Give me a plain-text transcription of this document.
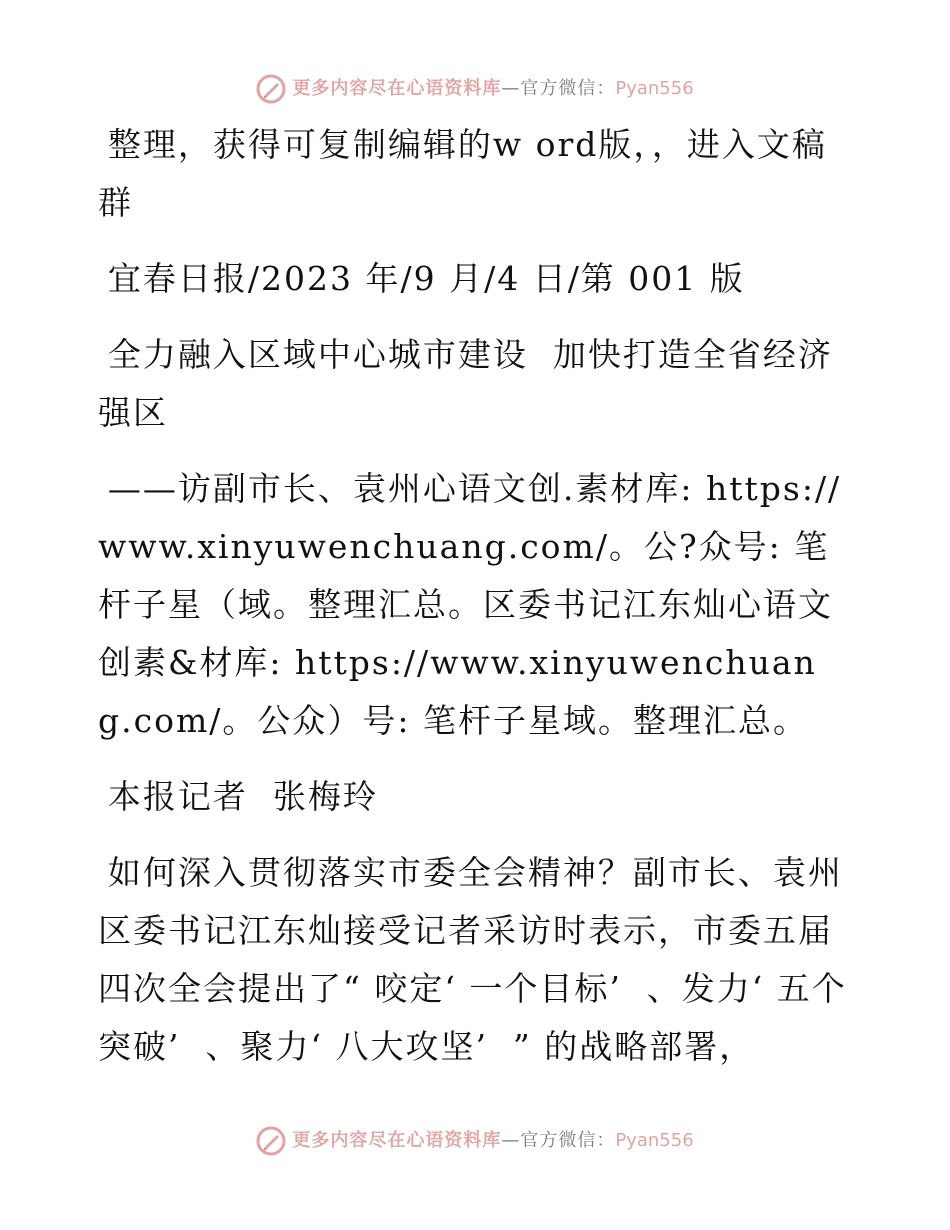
更多内容尽在心语资料库 —官方微信： Pyan556

整理，获得可复制编辑的w ord版，，进入文稿群

宜春日报/2023 年/9 月/4 日/第 001 版

全力融入区域中心城市建设  加快打造全省经济强区

——访副市长、袁州心语文创.素材库: https://www.xinyuwenchuang.com/。公?众号: 笔杆子星（域。整理汇总。区委书记江东灿心语文创素&材库: https://www.xinyuwenchuang.com/。公众）号: 笔杆子星域。整理汇总。

本报记者  张梅玲

如何深入贯彻落实市委全会精神？副市长、袁州区委书记江东灿接受记者采访时表示，市委五届四次全会提出了“ 咬定‘ 一个目标’  、发力‘ 五个突破’  、聚力‘ 八大攻坚’  ” 的战略部署，

更多内容尽在心语资料库 —官方微信： Pyan556
